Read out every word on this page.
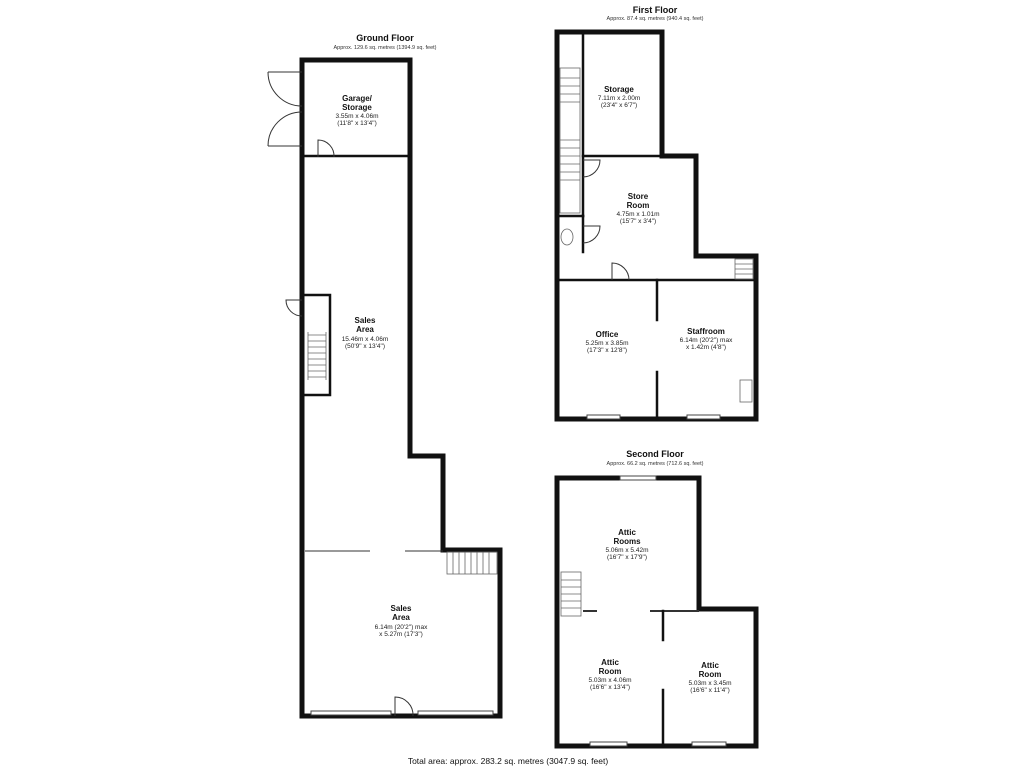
Ground Floor
Approx. 129.6 sq. metres (1394.9 sq. feet)
Garage/
Storage
3.55m x 4.06m
(11'8" x 13'4")
Sales
Area
15.46m x 4.06m
(50'9" x 13'4")
Sales
Area
6.14m (20'2") max
x 5.27m (17'3")
First Floor
Approx. 87.4 sq. metres (940.4 sq. feet)
Storage
7.11m x 2.00m
(23'4" x 6'7")
Store
Room
4.75m x 1.01m
(15'7" x 3'4")
Office
5.25m x 3.85m
(17'3" x 12'8")
Staffroom
6.14m (20'2") max
x 1.42m (4'8")
Second Floor
Approx. 66.2 sq. metres (712.6 sq. feet)
Attic
Rooms
5.06m x 5.42m
(16'7" x 17'9")
Attic
Room
5.03m x 4.06m
(16'6" x 13'4")
Attic
Room
5.03m x 3.45m
(16'6" x 11'4")
Total area: approx. 283.2 sq. metres (3047.9 sq. feet)
